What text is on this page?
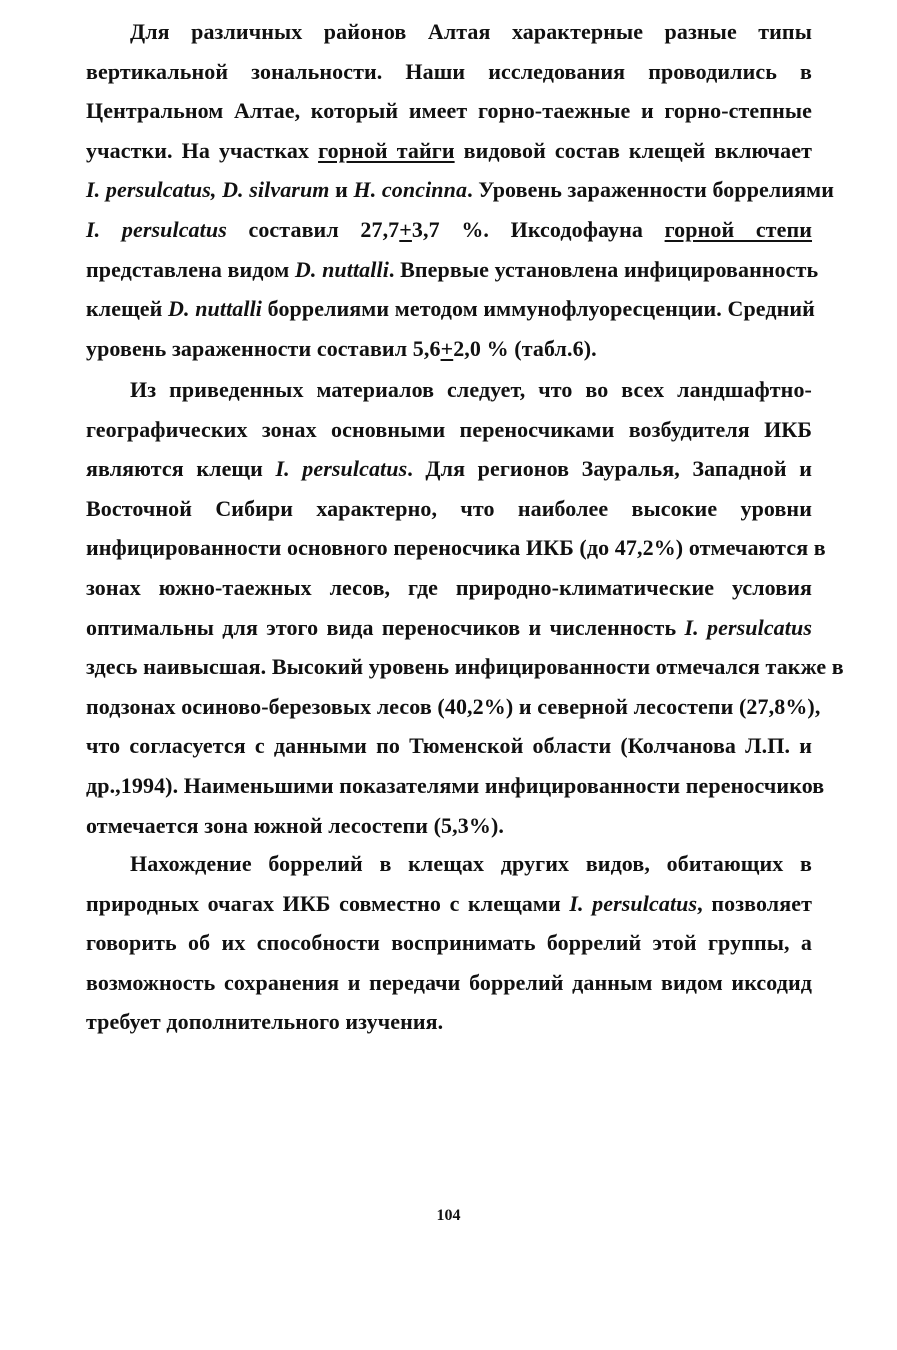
Для различных районов Алтая характерные разные типы
вертикальной зональности. Наши исследования проводились в
Центральном Алтае, который имеет горно-таежные и горно-степные
участки. На участках горной тайги видовой состав клещей включает
I. persulcatus, D. silvarum и H. concinna. Уровень зараженности боррелиями
I. persulcatus составил 27,7+3,7 %. Иксодофауна горной степи
представлена видом D. nuttalli. Впервые установлена инфицированность
клещей D. nuttalli боррелиями методом иммунофлуоресценции. Средний
уровень зараженности составил 5,6+2,0 % (табл.6).
Из приведенных материалов следует, что во всех ландшафтно-
географических зонах основными переносчиками возбудителя ИКБ
являются клещи I. persulcatus. Для регионов Зауралья, Западной и
Восточной Сибири характерно, что наиболее высокие уровни
инфицированности основного переносчика ИКБ (до 47,2%) отмечаются в
зонах южно-таежных лесов, где природно-климатические условия
оптимальны для этого вида переносчиков и численность I. persulcatus
здесь наивысшая. Высокий уровень инфицированности отмечался также в
подзонах осиново-березовых лесов (40,2%) и северной лесостепи (27,8%),
что согласуется с данными по Тюменской области (Колчанова Л.П. и
др.,1994). Наименьшими показателями инфицированности переносчиков
отмечается зона южной лесостепи (5,3%).
Нахождение боррелий в клещах других видов, обитающих в
природных очагах ИКБ совместно с клещами I. persulcatus, позволяет
говорить об их способности воспринимать боррелий этой группы, а
возможность сохранения и передачи боррелий данным видом иксодид
требует дополнительного изучения.
104
